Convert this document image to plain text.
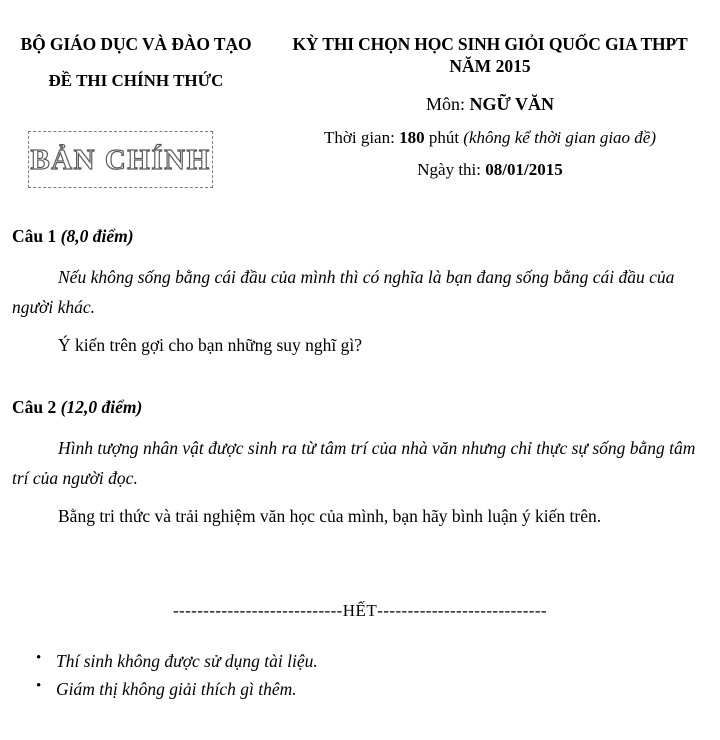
BỘ GIÁO DỤC VÀ ĐÀO TẠO
ĐỀ THI CHÍNH THỨC
KỲ THI CHỌN HỌC SINH GIỎI QUỐC GIA THPT
NĂM 2015
Môn: NGỮ VĂN
Thời gian: 180 phút (không kể thời gian giao đề)
Ngày thi: 08/01/2015
BẢN CHÍNH
Câu 1 (8,0 điểm)

Nếu không sống bằng cái đầu của mình thì có nghĩa là bạn đang sống bằng cái đầu của người khác.

Ý kiến trên gợi cho bạn những suy nghĩ gì?

Câu 2 (12,0 điểm)

Hình tượng nhân vật được sinh ra từ tâm trí của nhà văn nhưng chỉ thực sự sống bằng tâm trí của người đọc.

Bằng tri thức và trải nghiệm văn học của mình, bạn hãy bình luận ý kiến trên.

----------------------------HẾT----------------------------
• Thí sinh không được sử dụng tài liệu.
• Giám thị không giải thích gì thêm.
